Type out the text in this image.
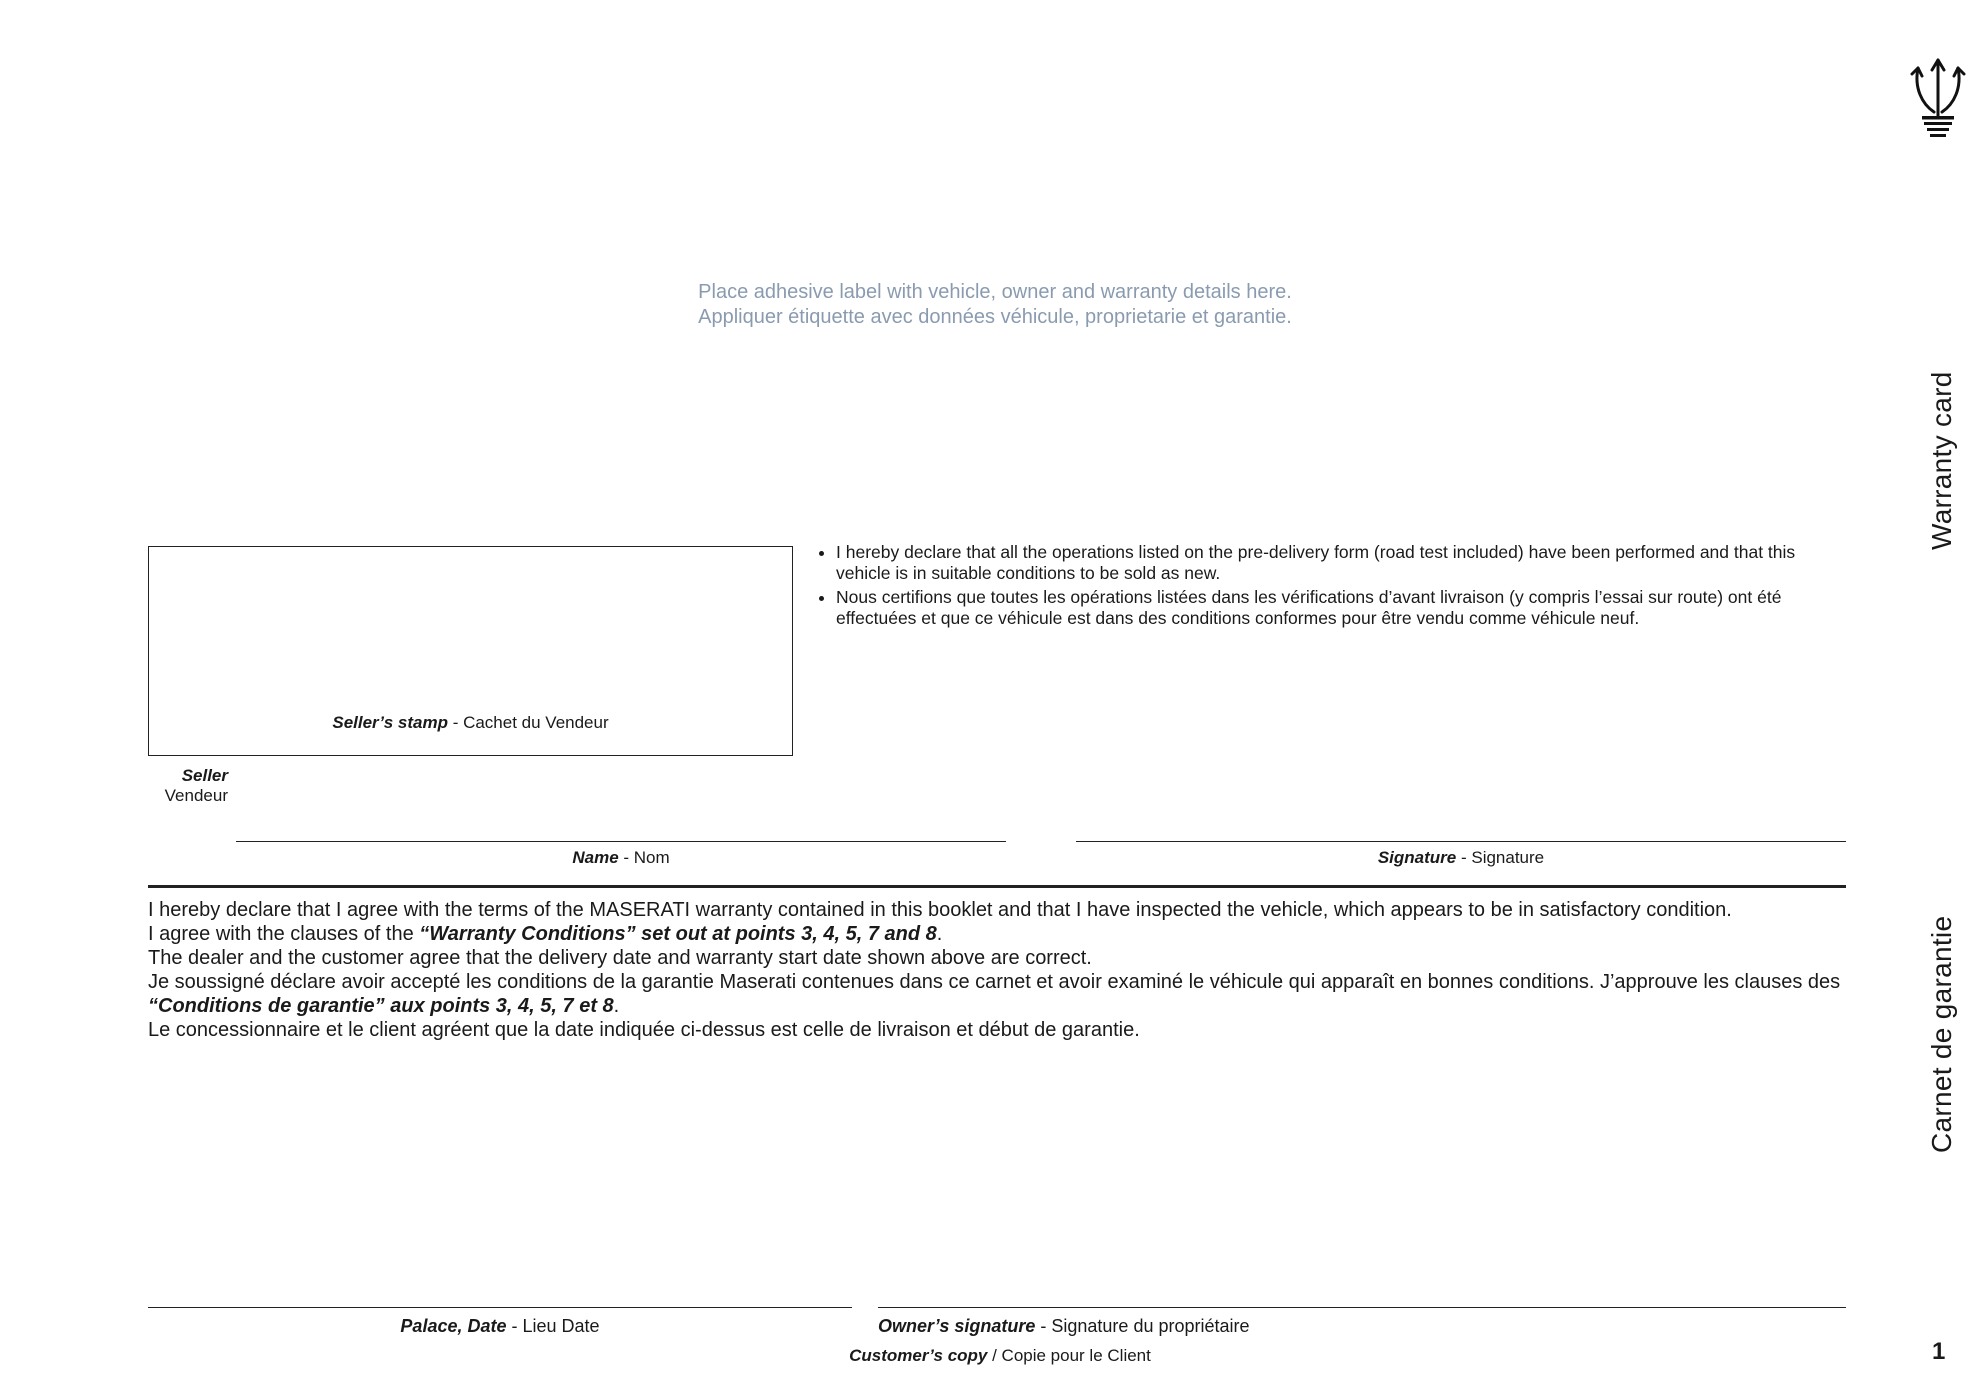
Warranty card
Carnet de garantie
1
Place adhesive label with vehicle, owner and warranty details here.
Appliquer étiquette avec données véhicule, proprietarie et garantie.
Seller’s stamp - Cachet du Vendeur
Seller
Vendeur
• I hereby declare that all the operations listed on the pre-delivery form (road test included) have been performed and that this vehicle is in suitable conditions to be sold as new.
• Nous certifions que toutes les opérations listées dans les vérifications d’avant livraison (y compris l’essai sur route) ont été effectuées et que ce véhicule est dans des conditions conformes pour être vendu comme véhicule neuf.
Name - Nom	Signature - Signature

I hereby declare that I agree with the terms of the MASERATI warranty contained in this booklet and that I have inspected the vehicle, which appears to be in satisfactory condition.

I agree with the clauses of the “Warranty Conditions” set out at points 3, 4, 5, 7 and 8.

The dealer and the customer agree that the delivery date and warranty start date shown above are correct.

Je soussigné déclare avoir accepté les conditions de la garantie Maserati contenues dans ce carnet et avoir examiné le véhicule qui apparaît en bonnes conditions. J’approuve les clauses des “Conditions de garantie” aux points 3, 4, 5, 7 et 8.

Le concessionnaire et le client agréent que la date indiquée ci-dessus est celle de livraison et début de garantie.

Palace, Date - Lieu Date	Owner’s signature - Signature du propriétaire
Customer’s copy / Copie pour le Client
